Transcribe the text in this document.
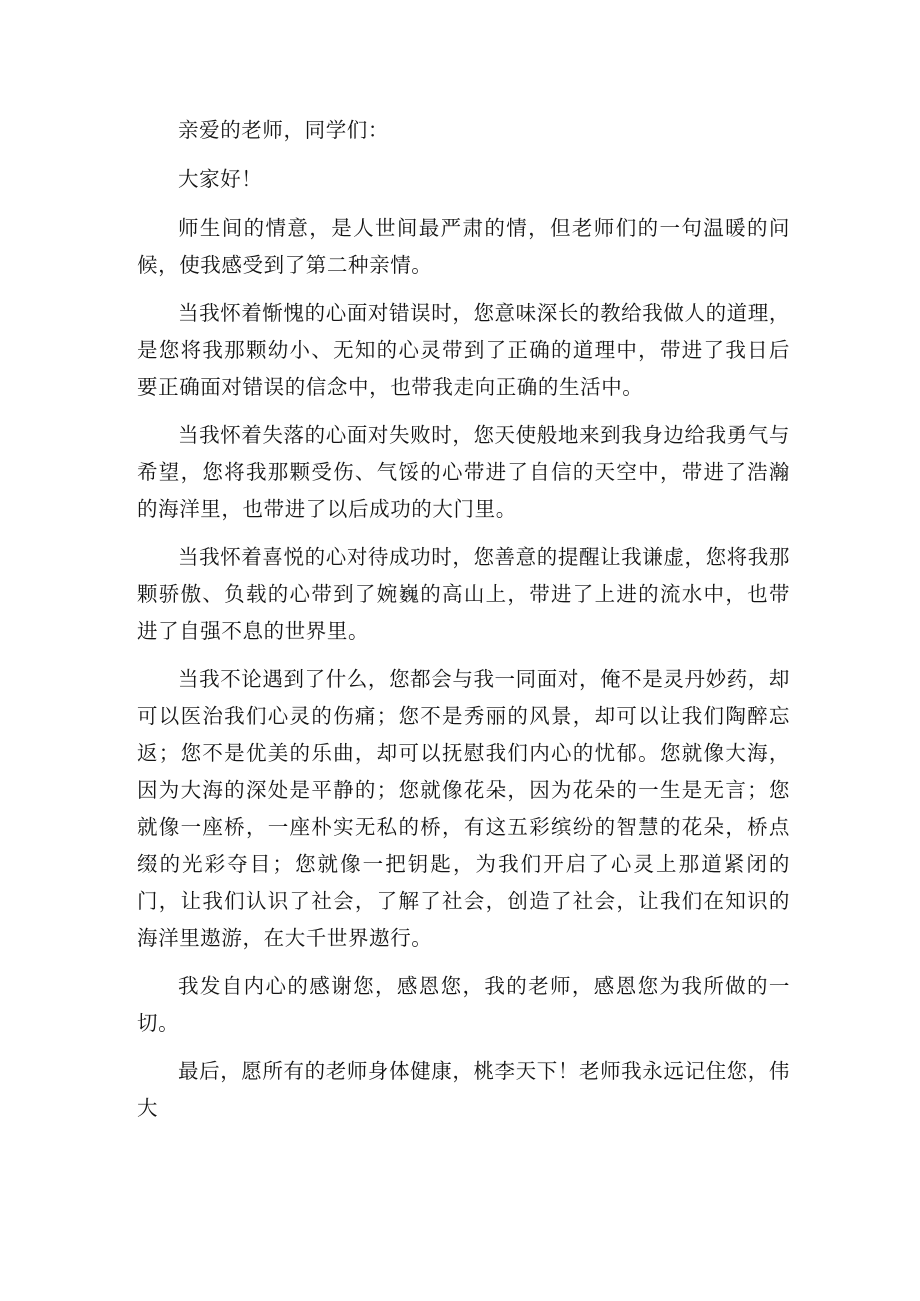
亲爱的老师，同学们：

大家好！

师生间的情意，是人世间最严肃的情，但老师们的一句温暖的问候，使我感受到了第二种亲情。

当我怀着惭愧的心面对错误时，您意味深长的教给我做人的道理，是您将我那颗幼小、无知的心灵带到了正确的道理中，带进了我日后要正确面对错误的信念中，也带我走向正确的生活中。

当我怀着失落的心面对失败时，您天使般地来到我身边给我勇气与希望，您将我那颗受伤、气馁的心带进了自信的天空中，带进了浩瀚的海洋里，也带进了以后成功的大门里。

当我怀着喜悦的心对待成功时，您善意的提醒让我谦虚，您将我那颗骄傲、负载的心带到了婉巍的高山上，带进了上进的流水中，也带进了自强不息的世界里。

当我不论遇到了什么，您都会与我一同面对，俺不是灵丹妙药，却可以医治我们心灵的伤痛；您不是秀丽的风景，却可以让我们陶醉忘返；您不是优美的乐曲，却可以抚慰我们内心的忧郁。您就像大海，因为大海的深处是平静的；您就像花朵，因为花朵的一生是无言；您就像一座桥，一座朴实无私的桥，有这五彩缤纷的智慧的花朵，桥点缀的光彩夺目；您就像一把钥匙，为我们开启了心灵上那道紧闭的门，让我们认识了社会，了解了社会，创造了社会，让我们在知识的海洋里遨游，在大千世界遨行。

我发自内心的感谢您，感恩您，我的老师，感恩您为我所做的一切。

最后，愿所有的老师身体健康，桃李天下！老师我永远记住您，伟大
